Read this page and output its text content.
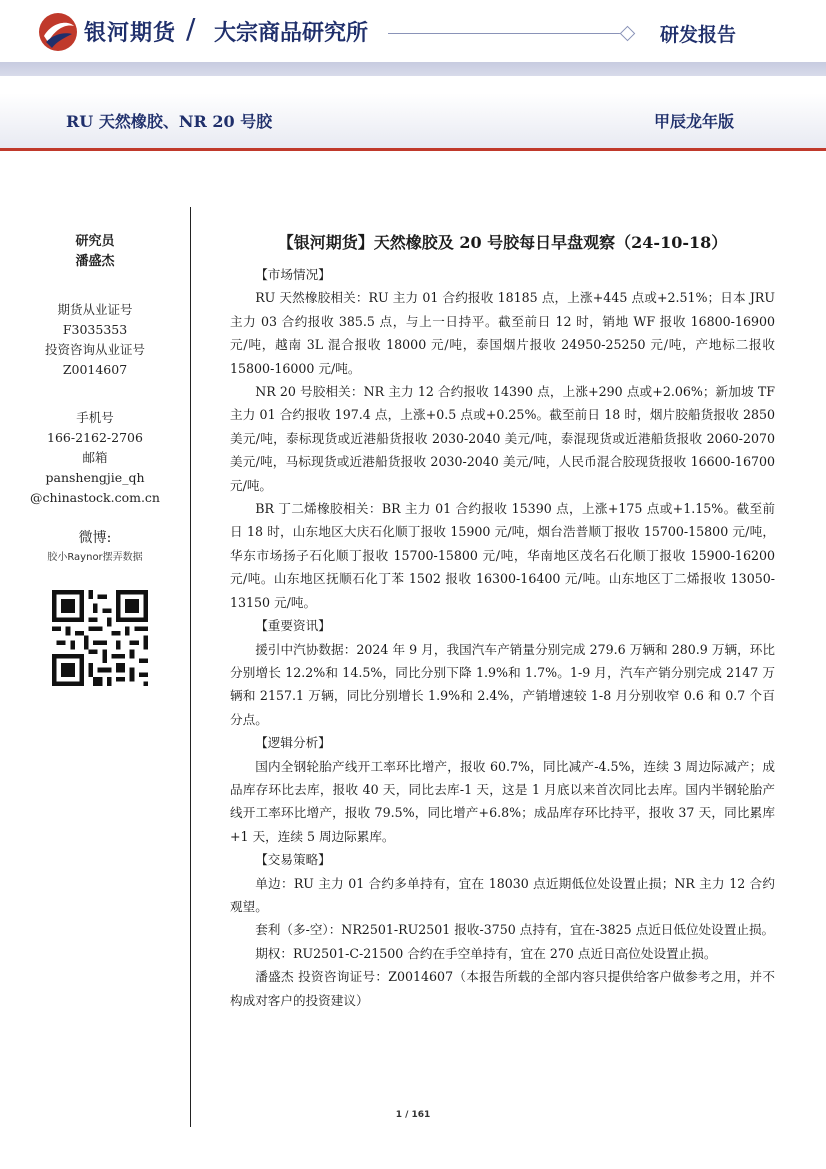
银河期货 / 大宗商品研究所	研发报告
RU 天然橡胶、NR 20 号胶	甲辰龙年版
研究员
潘盛杰
期货从业证号
F3035353
投资咨询从业证号
Z0014607
手机号
166-2162-2706
邮箱
panshengjie_qh
@chinastock.com.cn
微博:
胶小Raynor摆弄数据
【银河期货】天然橡胶及 20 号胶每日早盘观察（24-10-18）

【市场情况】

RU 天然橡胶相关：RU 主力 01 合约报收 18185 点，上涨+445 点或+2.51%；日本 JRU 主力 03 合约报收 385.5 点，与上一日持平。截至前日 12 时，销地 WF 报收 16800-16900 元/吨，越南 3L 混合报收 18000 元/吨，泰国烟片报收 24950-25250 元/吨，产地标二报收 15800-16000 元/吨。

NR 20 号胶相关：NR 主力 12 合约报收 14390 点，上涨+290 点或+2.06%；新加坡 TF 主力 01 合约报收 197.4 点，上涨+0.5 点或+0.25%。截至前日 18 时，烟片胶船货报收 2850 美元/吨，泰标现货或近港船货报收 2030-2040 美元/吨，泰混现货或近港船货报收 2060-2070 美元/吨，马标现货或近港船货报收 2030-2040 美元/吨，人民币混合胶现货报收 16600-16700 元/吨。

BR 丁二烯橡胶相关：BR 主力 01 合约报收 15390 点，上涨+175 点或+1.15%。截至前日 18 时，山东地区大庆石化顺丁报收 15900 元/吨，烟台浩普顺丁报收 15700-15800 元/吨，华东市场扬子石化顺丁报收 15700-15800 元/吨，华南地区茂名石化顺丁报收 15900-16200 元/吨。山东地区抚顺石化丁苯 1502 报收 16300-16400 元/吨。山东地区丁二烯报收 13050-13150 元/吨。

【重要资讯】

援引中汽协数据：2024 年 9 月，我国汽车产销量分别完成 279.6 万辆和 280.9 万辆，环比分别增长 12.2%和 14.5%，同比分别下降 1.9%和 1.7%。1-9 月，汽车产销分别完成 2147 万辆和 2157.1 万辆，同比分别增长 1.9%和 2.4%，产销增速较 1-8 月分别收窄 0.6 和 0.7 个百分点。

【逻辑分析】

国内全钢轮胎产线开工率环比增产，报收 60.7%，同比减产-4.5%，连续 3 周边际减产；成品库存环比去库，报收 40 天，同比去库-1 天，这是 1 月底以来首次同比去库。国内半钢轮胎产线开工率环比增产，报收 79.5%，同比增产+6.8%；成品库存环比持平，报收 37 天，同比累库+1 天，连续 5 周边际累库。

【交易策略】

单边：RU 主力 01 合约多单持有，宜在 18030 点近期低位处设置止损；NR 主力 12 合约观望。

套利（多-空）：NR2501-RU2501 报收-3750 点持有，宜在-3825 点近日低位处设置止损。

期权：RU2501-C-21500 合约在手空单持有，宜在 270 点近日高位处设置止损。

潘盛杰 投资咨询证号：Z0014607（本报告所载的全部内容只提供给客户做参考之用，并不构成对客户的投资建议）

1 / 161
